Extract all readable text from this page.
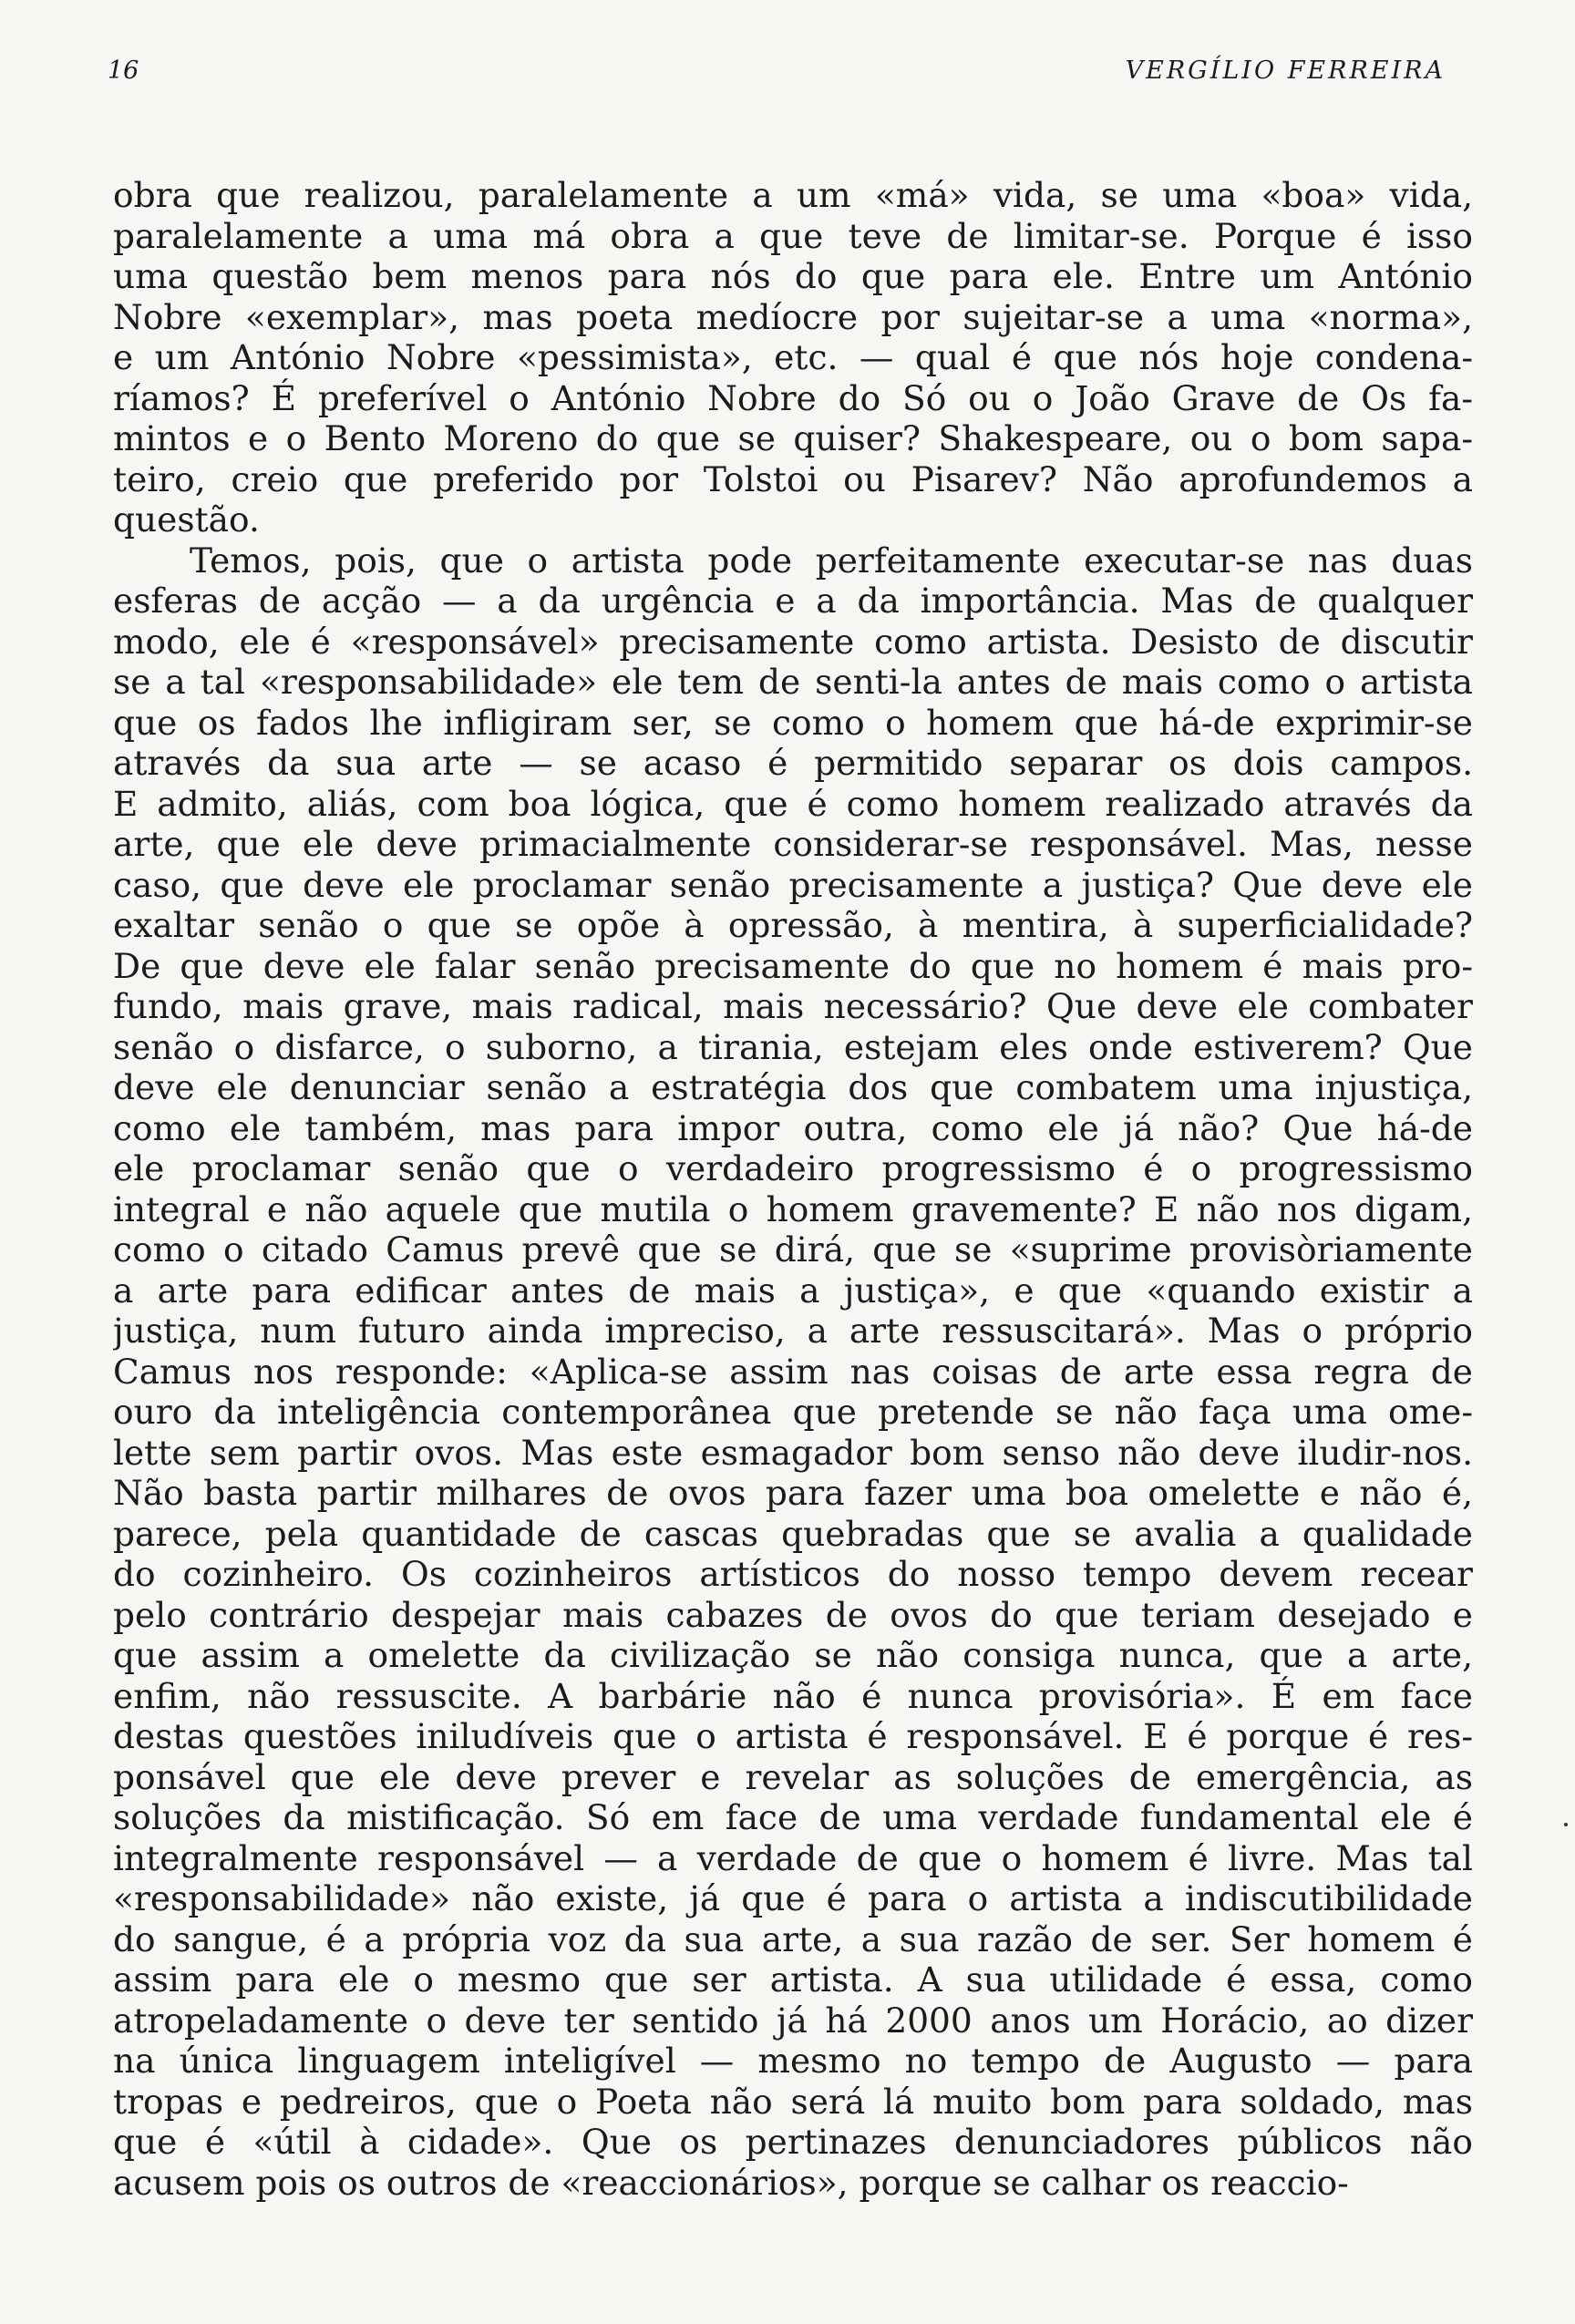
16	VERGÍLIO FERREIRA
obra que realizou, paralelamente a um «má» vida, se uma «boa» vida,
paralelamente a uma má obra a que teve de limitar-se. Porque é isso
uma questão bem menos para nós do que para ele. Entre um António
Nobre «exemplar», mas poeta medíocre por sujeitar-se a uma «norma»,
e um António Nobre «pessimista», etc. — qual é que nós hoje condena-
ríamos? É preferível o António Nobre do Só ou o João Grave de Os fa-
mintos e o Bento Moreno do que se quiser? Shakespeare, ou o bom sapa-
teiro, creio que preferido por Tolstoi ou Pisarev? Não aprofundemos a
questão.
Temos, pois, que o artista pode perfeitamente executar-se nas duas
esferas de acção — a da urgência e a da importância. Mas de qualquer
modo, ele é «responsável» precisamente como artista. Desisto de discutir
se a tal «responsabilidade» ele tem de senti-la antes de mais como o artista
que os fados lhe infligiram ser, se como o homem que há-de exprimir-se
através da sua arte — se acaso é permitido separar os dois campos.
E admito, aliás, com boa lógica, que é como homem realizado através da
arte, que ele deve primacialmente considerar-se responsável. Mas, nesse
caso, que deve ele proclamar senão precisamente a justiça? Que deve ele
exaltar senão o que se opõe à opressão, à mentira, à superficialidade?
De que deve ele falar senão precisamente do que no homem é mais pro-
fundo, mais grave, mais radical, mais necessário? Que deve ele combater
senão o disfarce, o suborno, a tirania, estejam eles onde estiverem? Que
deve ele denunciar senão a estratégia dos que combatem uma injustiça,
como ele também, mas para impor outra, como ele já não? Que há-de
ele proclamar senão que o verdadeiro progressismo é o progressismo
integral e não aquele que mutila o homem gravemente? E não nos digam,
como o citado Camus prevê que se dirá, que se «suprime provisòriamente
a arte para edificar antes de mais a justiça», e que «quando existir a
justiça, num futuro ainda impreciso, a arte ressuscitará». Mas o próprio
Camus nos responde: «Aplica-se assim nas coisas de arte essa regra de
ouro da inteligência contemporânea que pretende se não faça uma ome-
lette sem partir ovos. Mas este esmagador bom senso não deve iludir-nos.
Não basta partir milhares de ovos para fazer uma boa omelette e não é,
parece, pela quantidade de cascas quebradas que se avalia a qualidade
do cozinheiro. Os cozinheiros artísticos do nosso tempo devem recear
pelo contrário despejar mais cabazes de ovos do que teriam desejado e
que assim a omelette da civilização se não consiga nunca, que a arte,
enfim, não ressuscite. A barbárie não é nunca provisória». É em face
destas questões iniludíveis que o artista é responsável. E é porque é res-
ponsável que ele deve prever e revelar as soluções de emergência, as
soluções da mistificação. Só em face de uma verdade fundamental ele é
integralmente responsável — a verdade de que o homem é livre. Mas tal
«responsabilidade» não existe, já que é para o artista a indiscutibilidade
do sangue, é a própria voz da sua arte, a sua razão de ser. Ser homem é
assim para ele o mesmo que ser artista. A sua utilidade é essa, como
atropeladamente o deve ter sentido já há 2000 anos um Horácio, ao dizer
na única linguagem inteligível — mesmo no tempo de Augusto — para
tropas e pedreiros, que o Poeta não será lá muito bom para soldado, mas
que é «útil à cidade». Que os pertinazes denunciadores públicos não
acusem pois os outros de «reaccionários», porque se calhar os reaccio-
